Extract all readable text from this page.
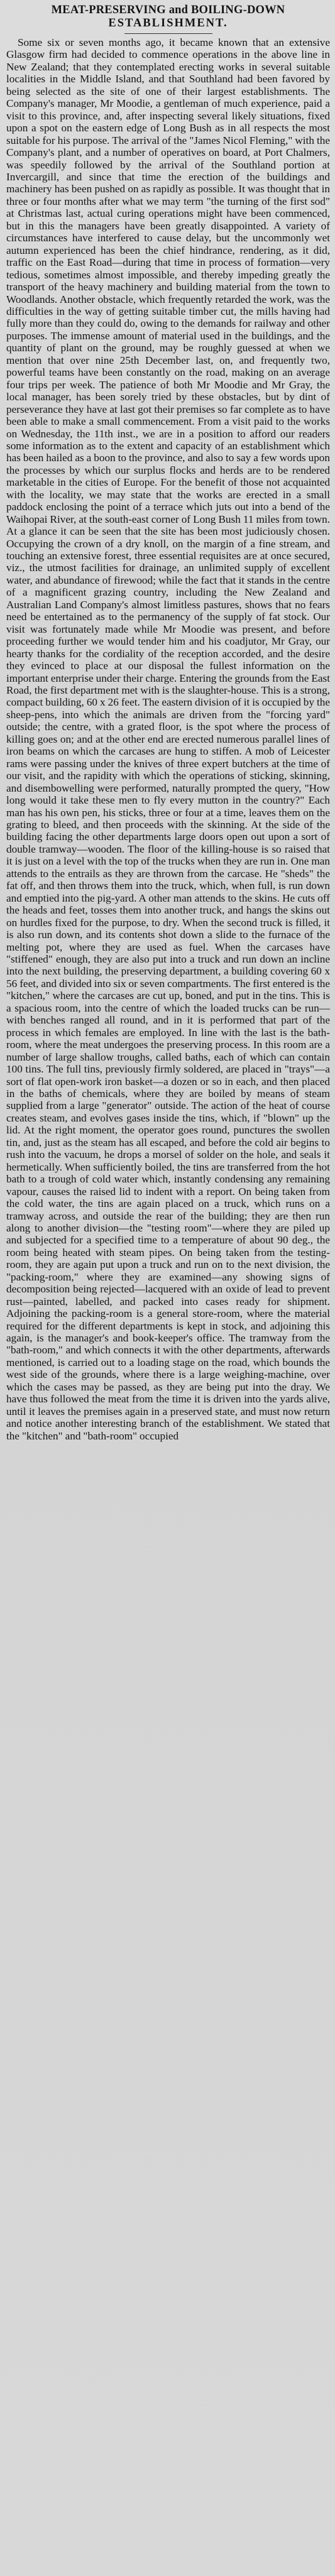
MEAT-PRESERVING and BOILING-DOWN
ESTABLISHMENT.

Some six or seven months ago, it became known that an extensive Glasgow firm had decided to commence operations in the above line in New Zealand; that they contemplated erecting works in several suitable localities in the Middle Island, and that Southland had been favored by being selected as the site of one of their largest establishments. The Company's manager, Mr Moodie, a gentleman of much experience, paid a visit to this province, and, after inspecting several likely situations, fixed upon a spot on the eastern edge of Long Bush as in all respects the most suitable for his purpose. The arrival of the "James Nicol Fleming," with the Company's plant, and a number of operatives on board, at Port Chalmers, was speedily followed by the arrival of the Southland portion at Invercargill, and since that time the erection of the buildings and machinery has been pushed on as rapidly as possible. It was thought that in three or four months after what we may term "the turning of the first sod" at Christmas last, actual curing operations might have been commenced, but in this the managers have been greatly disappointed. A variety of circumstances have interfered to cause delay, but the uncommonly wet autumn experienced has been the chief hindrance, rendering, as it did, traffic on the East Road—during that time in process of formation—very tedious, sometimes almost impossible, and thereby impeding greatly the transport of the heavy machinery and building material from the town to Woodlands. Another obstacle, which frequently retarded the work, was the difficulties in the way of getting suitable timber cut, the mills having had fully more than they could do, owing to the demands for railway and other purposes. The immense amount of material used in the buildings, and the quantity of plant on the ground, may be roughly guessed at when we mention that over nine 25th December last, on, and frequently two, powerful teams have been constantly on the road, making on an average four trips per week. The patience of both Mr Moodie and Mr Gray, the local manager, has been sorely tried by these obstacles, but by dint of perseverance they have at last got their premises so far complete as to have been able to make a small commencement. From a visit paid to the works on Wednesday, the 11th inst., we are in a position to afford our readers some information as to the extent and capacity of an establishment which has been hailed as a boon to the province, and also to say a few words upon the processes by which our surplus flocks and herds are to be rendered marketable in the cities of Europe. For the benefit of those not acquainted with the locality, we may state that the works are erected in a small paddock enclosing the point of a terrace which juts out into a bend of the Waihopai River, at the south-east corner of Long Bush 11 miles from town. At a glance it can be seen that the site has been most judiciously chosen. Occupying the crown of a dry knoll, on the margin of a fine stream, and touching an extensive forest, three essential requisites are at once secured, viz., the utmost facilities for drainage, an unlimited supply of excellent water, and abundance of firewood; while the fact that it stands in the centre of a magnificent grazing country, including the New Zealand and Australian Land Company's almost limitless pastures, shows that no fears need be entertained as to the permanency of the supply of fat stock. Our visit was fortunately made while Mr Moodie was present, and before proceeding further we would tender him and his coadjutor, Mr Gray, our hearty thanks for the cordiality of the reception accorded, and the desire they evinced to place at our disposal the fullest information on the important enterprise under their charge. Entering the grounds from the East Road, the first department met with is the slaughter-house. This is a strong, compact building, 60 x 26 feet. The eastern division of it is occupied by the sheep-pens, into which the animals are driven from the "forcing yard" outside; the centre, with a grated floor, is the spot where the process of killing goes on; and at the other end are erected numerous parallel lines of iron beams on which the carcases are hung to stiffen. A mob of Leicester rams were passing under the knives of three expert butchers at the time of our visit, and the rapidity with which the operations of sticking, skinning, and disembowelling were performed, naturally prompted the query, "How long would it take these men to fly every mutton in the country?" Each man has his own pen, his sticks, three or four at a time, leaves them on the grating to bleed, and then proceeds with the skinning. At the side of the building facing the other departments large doors open out upon a sort of double tramway—wooden. The floor of the killing-house is so raised that it is just on a level with the top of the trucks when they are run in. One man attends to the entrails as they are thrown from the carcase. He "sheds" the fat off, and then throws them into the truck, which, when full, is run down and emptied into the pig-yard. A other man attends to the skins. He cuts off the heads and feet, tosses them into another truck, and hangs the skins out on hurdles fixed for the purpose, to dry. When the second truck is filled, it is also run down, and its contents shot down a slide to the furnace of the melting pot, where they are used as fuel. When the carcases have "stiffened" enough, they are also put into a truck and run down an incline into the next building, the preserving department, a building covering 60 x 56 feet, and divided into six or seven compartments. The first entered is the "kitchen," where the carcases are cut up, boned, and put in the tins. This is a spacious room, into the centre of which the loaded trucks can be run—with benches ranged all round, and in it is performed that part of the process in which females are employed. In line with the last is the bath-room, where the meat undergoes the preserving process. In this room are a number of large shallow troughs, called baths, each of which can contain 100 tins. The full tins, previously firmly soldered, are placed in "trays"—a sort of flat open-work iron basket—a dozen or so in each, and then placed in the baths of chemicals, where they are boiled by means of steam supplied from a large "generator" outside. The action of the heat of course creates steam, and evolves gases inside the tins, which, if "blown" up the lid. At the right moment, the operator goes round, punctures the swollen tin, and, just as the steam has all escaped, and before the cold air begins to rush into the vacuum, he drops a morsel of solder on the hole, and seals it hermetically. When sufficiently boiled, the tins are transferred from the hot bath to a trough of cold water which, instantly condensing any remaining vapour, causes the raised lid to indent with a report. On being taken from the cold water, the tins are again placed on a truck, which runs on a tramway across, and outside the rear of the building; they are then run along to another division—the "testing room"—where they are piled up and subjected for a specified time to a temperature of about 90 deg., the room being heated with steam pipes. On being taken from the testing-room, they are again put upon a truck and run on to the next division, the "packing-room," where they are examined—any showing signs of decomposition being rejected—lacquered with an oxide of lead to prevent rust—painted, labelled, and packed into cases ready for shipment. Adjoining the packing-room is a general store-room, where the material required for the different departments is kept in stock, and adjoining this again, is the manager's and book-keeper's office. The tramway from the "bath-room," and which connects it with the other departments, afterwards mentioned, is carried out to a loading stage on the road, which bounds the west side of the grounds, where there is a large weighing-machine, over which the cases may be passed, as they are being put into the dray. We have thus followed the meat from the time it is driven into the yards alive, until it leaves the premises again in a preserved state, and must now return and notice another interesting branch of the establishment. We stated that the "kitchen" and "bath-room" occupied
